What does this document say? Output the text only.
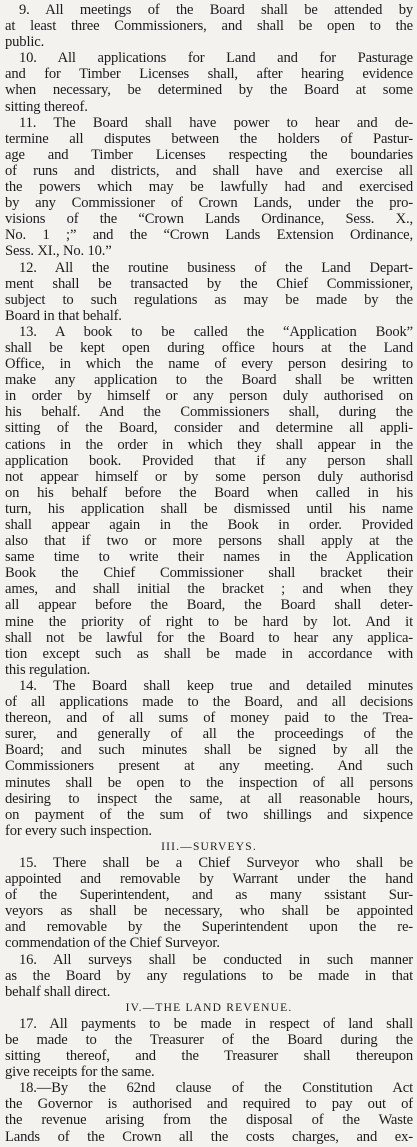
9. All meetings of the Board shall be attended by

at least three Commissioners, and shall be open to the

public.

10. All applications for Land and for Pasturage

and for Timber Licenses shall, after hearing evidence

when necessary, be determined by the Board at some

sitting thereof.

11. The Board shall have power to hear and de-

termine all disputes between the holders of Pastur-

age and Timber Licenses respecting the boundaries

of runs and districts, and shall have and exercise all

the powers which may be lawfully had and exercised

by any Commissioner of Crown Lands, under the pro-

visions of the “Crown Lands Ordinance, Sess. X.,

No. 1 ;” and the “Crown Lands Extension Ordinance,

Sess. XI., No. 10.”

12. All the routine business of the Land Depart-

ment shall be transacted by the Chief Commissioner,

subject to such regulations as may be made by the

Board in that behalf.

13. A book to be called the “Application Book”

shall be kept open during office hours at the Land

Office, in which the name of every person desiring to

make any application to the Board shall be written

in order by himself or any person duly authorised on

his behalf. And the Commissioners shall, during the

sitting of the Board, consider and determine all appli-

cations in the order in which they shall appear in the

application book. Provided that if any person shall

not appear himself or by some person duly authorisd

on his behalf before the Board when called in his

turn, his application shall be dismissed until his name

shall appear again in the Book in order. Provided

also that if two or more persons shall apply at the

same time to write their names in the Application

Book the Chief Commissioner shall bracket their

ames, and shall initial the bracket ; and when they

all appear before the Board, the Board shall deter-

mine the priority of right to be hard by lot. And it

shall not be lawful for the Board to hear any applica-

tion except such as shall be made in accordance with

this regulation.

14. The Board shall keep true and detailed minutes

of all applications made to the Board, and all decisions

thereon, and of all sums of money paid to the Trea-

surer, and generally of all the proceedings of the

Board; and such minutes shall be signed by all the

Commissioners present at any meeting. And such

minutes shall be open to the inspection of all persons

desiring to inspect the same, at all reasonable hours,

on payment of the sum of two shillings and sixpence

for every such inspection.

III.—SURVEYS.

15. There shall be a Chief Surveyor who shall be

appointed and removable by Warrant under the hand

of the Superintendent, and as many ssistant Sur-

veyors as shall be necessary, who shall be appointed

and removable by the Superintendent upon the re-

commendation of the Chief Surveyor.

16. All surveys shall be conducted in such manner

as the Board by any regulations to be made in that

behalf shall direct.

IV.—THE LAND REVENUE.

17. All payments to be made in respect of land shall

be made to the Treasurer of the Board during the

sitting thereof, and the Treasurer shall thereupon

give receipts for the same.

18.—By the 62nd clause of the Constitution Act

the Governor is authorised and required to pay out of

the revenue arising from the disposal of the Waste

Lands of the Crown all the costs charges, and ex-
